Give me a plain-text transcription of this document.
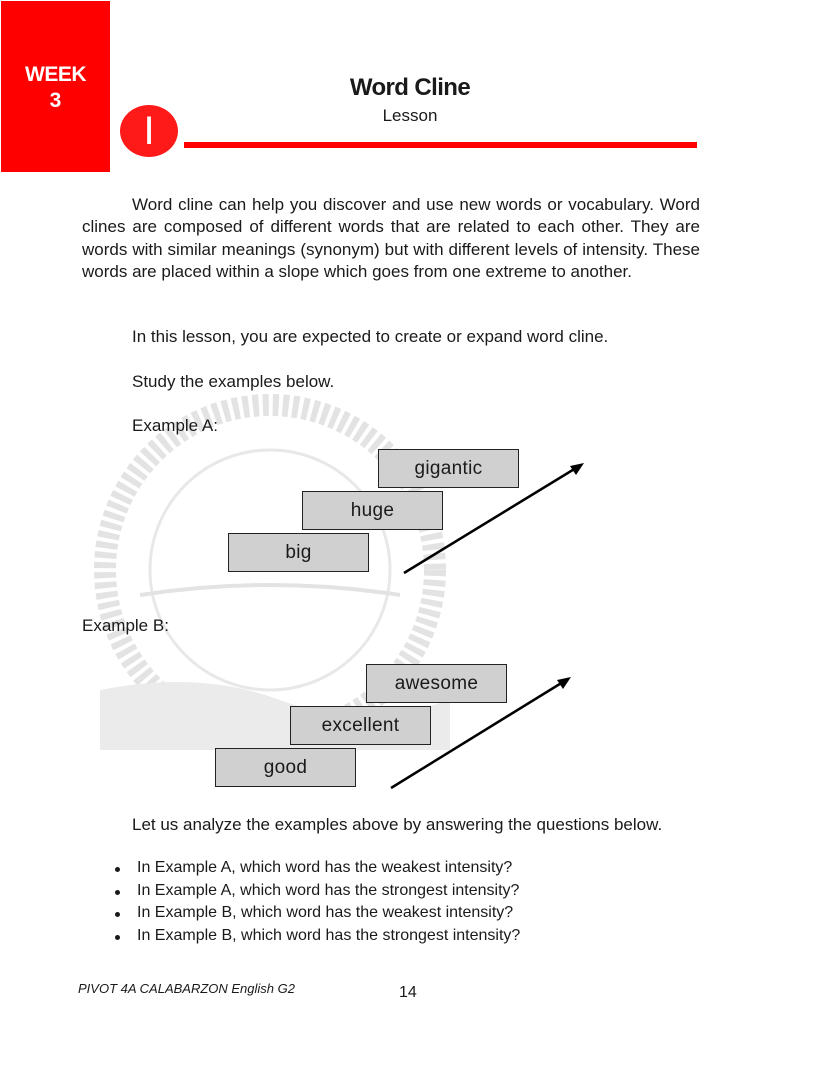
WEEK
3	Word Cline
Lesson
I

Word cline can help you discover and use new words or vocabulary. Word clines are composed of different words that are related to each other. They are words with similar meanings (synonym) but with different levels of intensity. These words are placed within a slope which goes from one extreme to another.

In this lesson, you are expected to create or expand word cline.
Study the examples below.
Example A:
gigantic
huge
big
Example B:
awesome
excellent
good

Let us analyze the examples above by answering the questions below.

In Example A, which word has the weakest intensity?
In Example A, which word has the strongest intensity?
In Example B, which word has the weakest intensity?
In Example B, which word has the strongest intensity?
PIVOT 4A CALABARZON English G2	14
